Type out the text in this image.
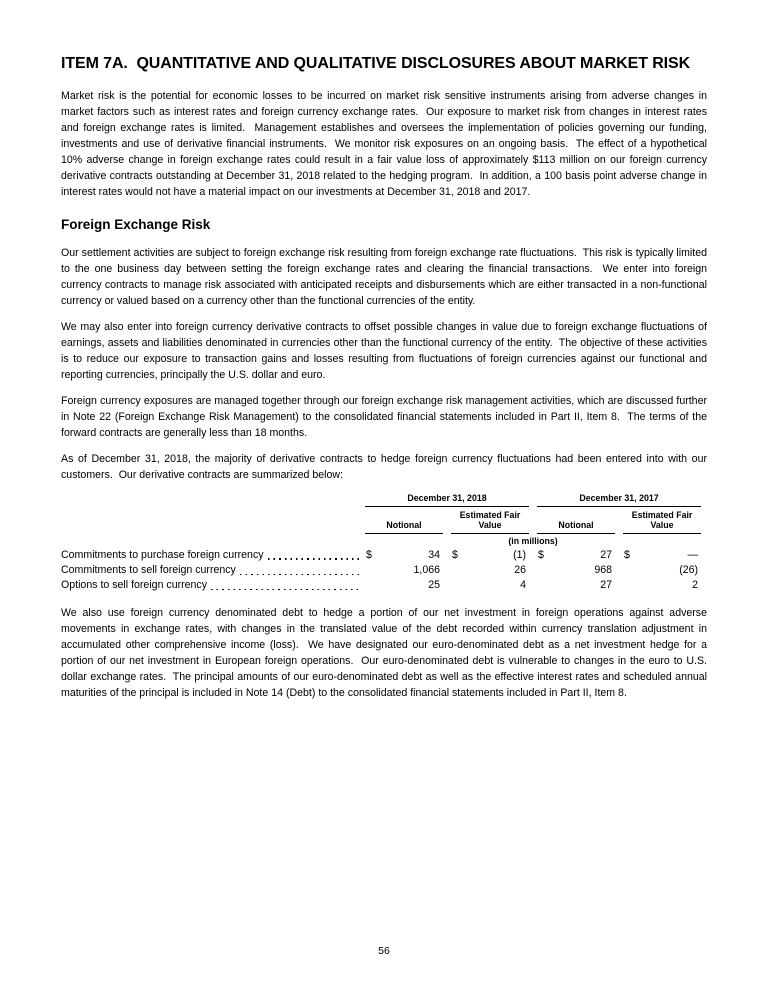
ITEM 7A.  QUANTITATIVE AND QUALITATIVE DISCLOSURES ABOUT MARKET RISK

Market risk is the potential for economic losses to be incurred on market risk sensitive instruments arising from adverse changes in market factors such as interest rates and foreign currency exchange rates.  Our exposure to market risk from changes in interest rates and foreign exchange rates is limited.  Management establishes and oversees the implementation of policies governing our funding, investments and use of derivative financial instruments.  We monitor risk exposures on an ongoing basis.  The effect of a hypothetical 10% adverse change in foreign exchange rates could result in a fair value loss of approximately $113 million on our foreign currency derivative contracts outstanding at December 31, 2018 related to the hedging program.  In addition, a 100 basis point adverse change in interest rates would not have a material impact on our investments at December 31, 2018 and 2017.

Foreign Exchange Risk

Our settlement activities are subject to foreign exchange risk resulting from foreign exchange rate fluctuations.  This risk is typically limited to the one business day between setting the foreign exchange rates and clearing the financial transactions.  We enter into foreign currency contracts to manage risk associated with anticipated receipts and disbursements which are either transacted in a non-functional currency or valued based on a currency other than the functional currencies of the entity.

We may also enter into foreign currency derivative contracts to offset possible changes in value due to foreign exchange fluctuations of earnings, assets and liabilities denominated in currencies other than the functional currency of the entity.  The objective of these activities is to reduce our exposure to transaction gains and losses resulting from fluctuations of foreign currencies against our functional and reporting currencies, principally the U.S. dollar and euro.

Foreign currency exposures are managed together through our foreign exchange risk management activities, which are discussed further in Note 22 (Foreign Exchange Risk Management) to the consolidated financial statements included in Part II, Item 8.  The terms of the forward contracts are generally less than 18 months.

As of December 31, 2018, the majority of derivative contracts to hedge foreign currency fluctuations had been entered into with our customers.  Our derivative contracts are summarized below:

	December 31, 2018						December 31, 2017				
	Notional			Estimated Fair Value			Notional			Estimated Fair Value	
	(in millions)										

Commitments to purchase foreign currency	$	34		$	(1)		$	27		$	—

Commitments to sell foreign currency		1,066			26			968			(26)

Options to sell foreign currency		25			4			27			2

We also use foreign currency denominated debt to hedge a portion of our net investment in foreign operations against adverse movements in exchange rates, with changes in the translated value of the debt recorded within currency translation adjustment in accumulated other comprehensive income (loss).  We have designated our euro-denominated debt as a net investment hedge for a portion of our net investment in European foreign operations.  Our euro-denominated debt is vulnerable to changes in the euro to U.S. dollar exchange rates.  The principal amounts of our euro-denominated debt as well as the effective interest rates and scheduled annual maturities of the principal is included in Note 14 (Debt) to the consolidated financial statements included in Part II, Item 8.

56
